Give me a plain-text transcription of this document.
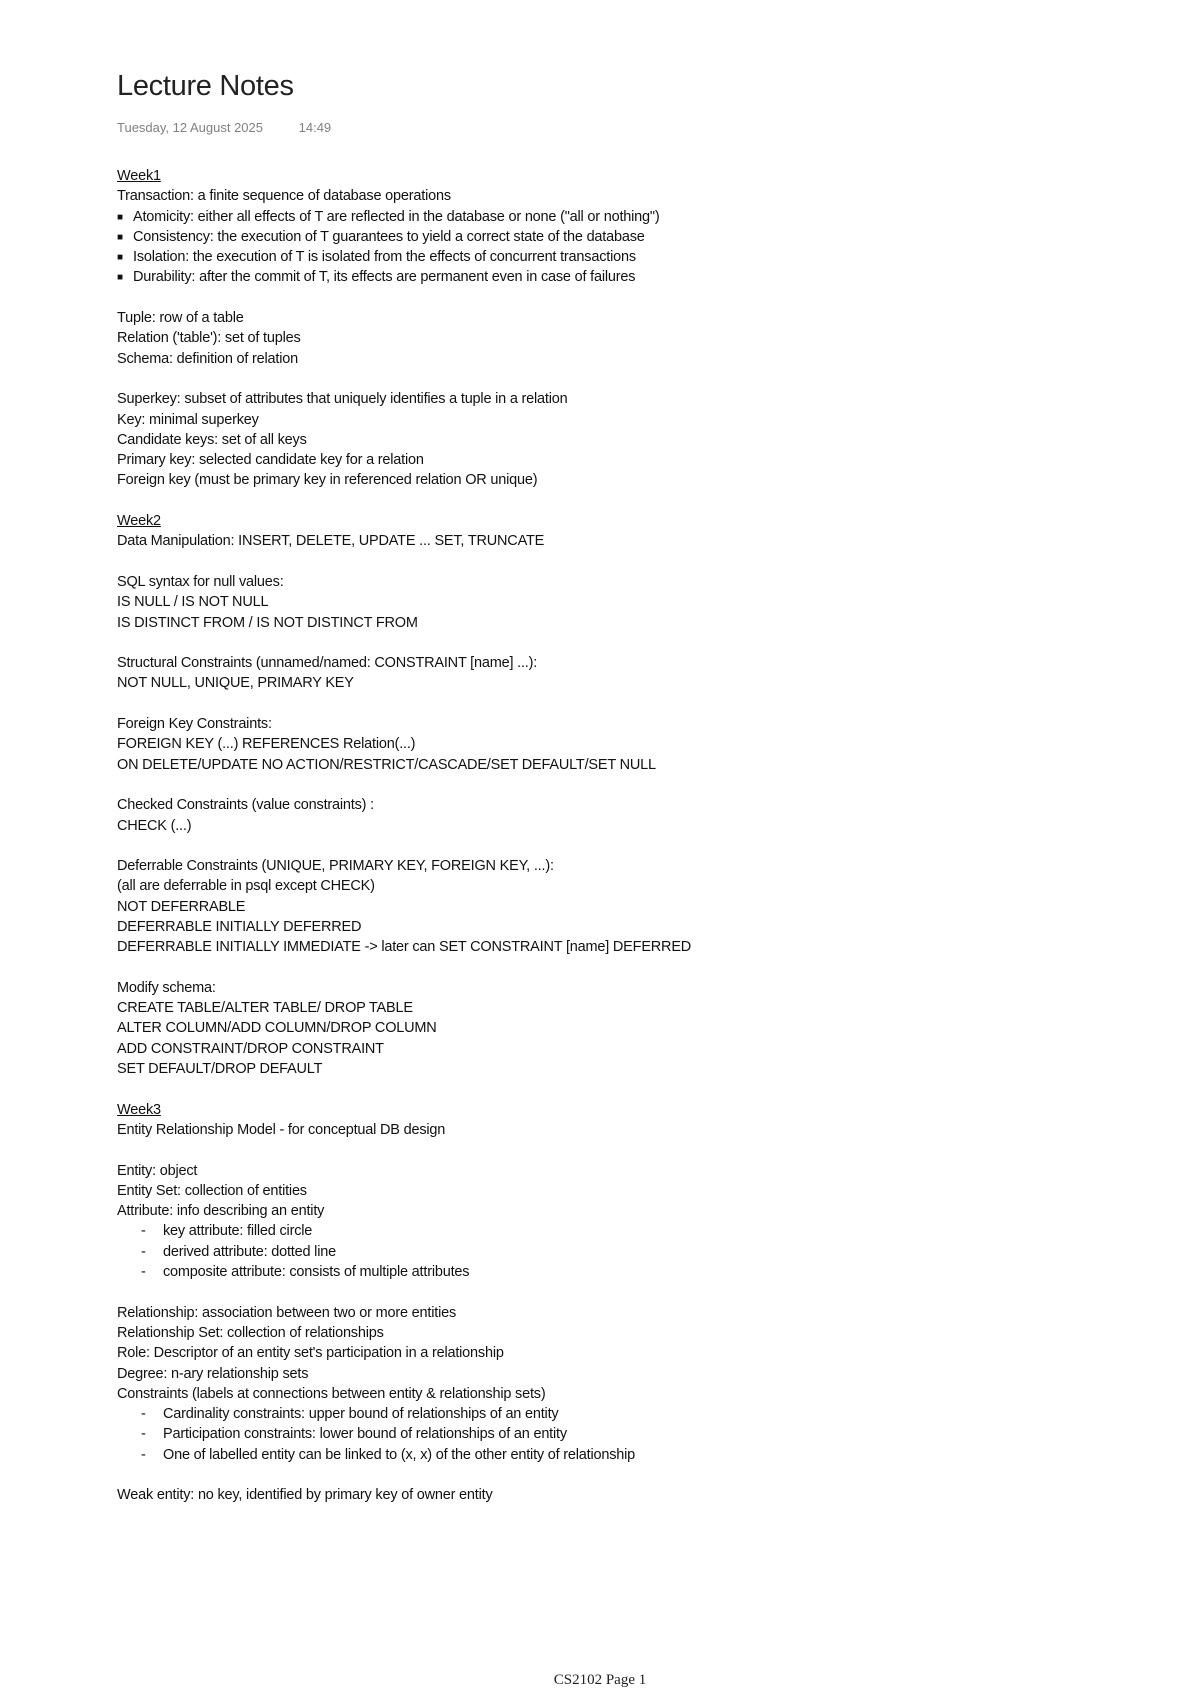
Lecture Notes
Tuesday, 12 August 2025	14:49
Week1
Transaction: a finite sequence of database operations
■ Atomicity: either all effects of T are reflected in the database or none ("all or nothing")
■ Consistency: the execution of T guarantees to yield a correct state of the database
■ Isolation: the execution of T is isolated from the effects of concurrent transactions
■ Durability: after the commit of T, its effects are permanent even in case of failures
Tuple: row of a table
Relation ('table'): set of tuples
Schema: definition of relation
Superkey: subset of attributes that uniquely identifies a tuple in a relation
Key: minimal superkey
Candidate keys: set of all keys
Primary key: selected candidate key for a relation
Foreign key (must be primary key in referenced relation OR unique)
Week2
Data Manipulation: INSERT, DELETE, UPDATE ... SET, TRUNCATE
SQL syntax for null values:
IS NULL / IS NOT NULL
IS DISTINCT FROM / IS NOT DISTINCT FROM
Structural Constraints (unnamed/named: CONSTRAINT [name] ...):
NOT NULL, UNIQUE, PRIMARY KEY
Foreign Key Constraints:
FOREIGN KEY (...) REFERENCES Relation(...)
ON DELETE/UPDATE NO ACTION/RESTRICT/CASCADE/SET DEFAULT/SET NULL
Checked Constraints (value constraints) :
CHECK (...)
Deferrable Constraints (UNIQUE, PRIMARY KEY, FOREIGN KEY, ...):
(all are deferrable in psql except CHECK)
NOT DEFERRABLE
DEFERRABLE INITIALLY DEFERRED
DEFERRABLE INITIALLY IMMEDIATE -> later can SET CONSTRAINT [name] DEFERRED
Modify schema:
CREATE TABLE/ALTER TABLE/ DROP TABLE
ALTER COLUMN/ADD COLUMN/DROP COLUMN
ADD CONSTRAINT/DROP CONSTRAINT
SET DEFAULT/DROP DEFAULT
Week3
Entity Relationship Model - for conceptual DB design
Entity: object
Entity Set: collection of entities
Attribute: info describing an entity
- key attribute: filled circle
- derived attribute: dotted line
- composite attribute: consists of multiple attributes
Relationship: association between two or more entities
Relationship Set: collection of relationships
Role: Descriptor of an entity set's participation in a relationship
Degree: n-ary relationship sets
Constraints (labels at connections between entity & relationship sets)
- Cardinality constraints: upper bound of relationships of an entity
- Participation constraints: lower bound of relationships of an entity
- One of labelled entity can be linked to (x, x) of the other entity of relationship
Weak entity: no key, identified by primary key of owner entity
CS2102 Page 1
